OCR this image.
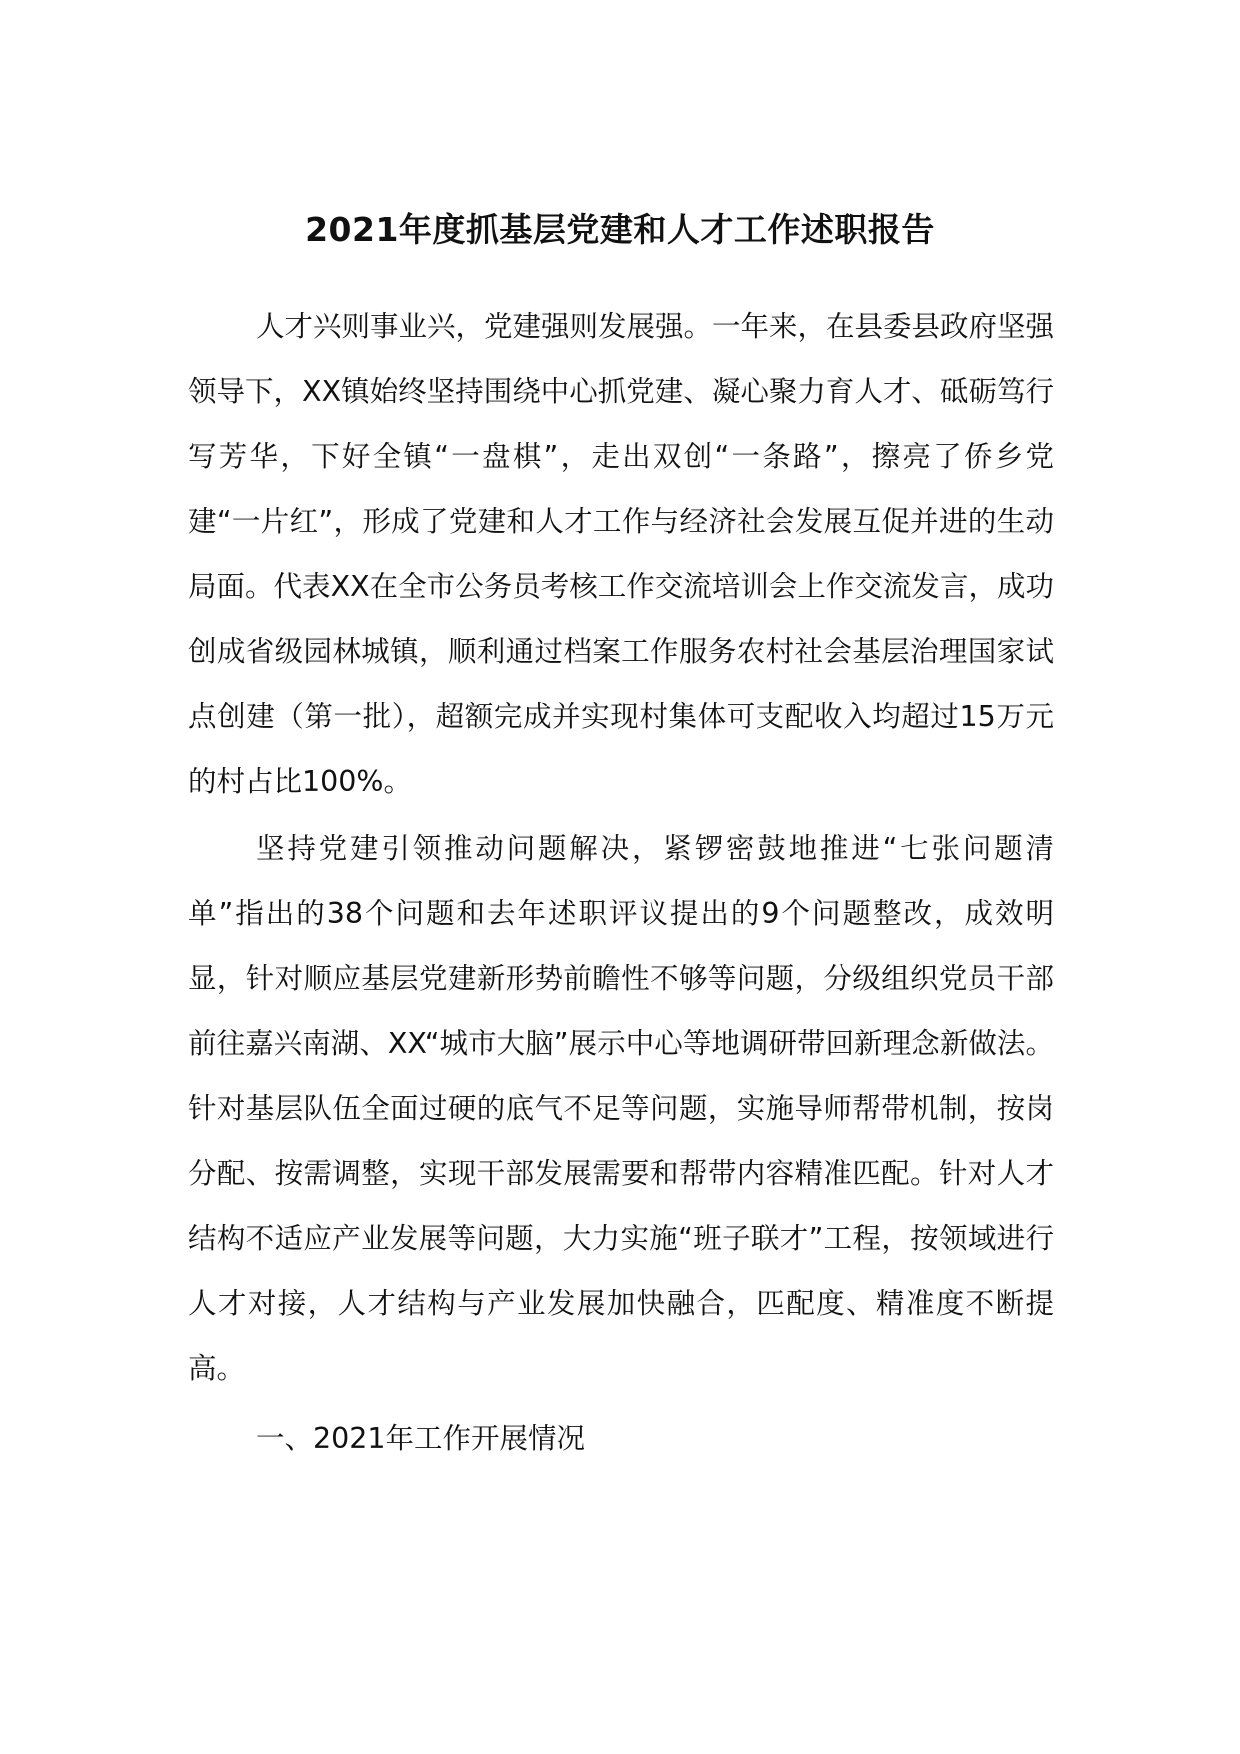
2021年度抓基层党建和人才工作述职报告

人才兴则事业兴，党建强则发展强。一年来，在县委县政府坚强领导下，XX镇始终坚持围绕中心抓党建、凝心聚力育人才、砥砺笃行写芳华，下好全镇“一盘棋”，走出双创“一条路”，擦亮了侨乡党建“一片红”，形成了党建和人才工作与经济社会发展互促并进的生动局面。代表XX在全市公务员考核工作交流培训会上作交流发言，成功创成省级园林城镇，顺利通过档案工作服务农村社会基层治理国家试点创建（第一批），超额完成并实现村集体可支配收入均超过15万元的村占比100%。

坚持党建引领推动问题解决，紧锣密鼓地推进“七张问题清单”指出的38个问题和去年述职评议提出的9个问题整改，成效明显，针对顺应基层党建新形势前瞻性不够等问题，分级组织党员干部前往嘉兴南湖、XX“城市大脑”展示中心等地调研带回新理念新做法。针对基层队伍全面过硬的底气不足等问题，实施导师帮带机制，按岗分配、按需调整，实现干部发展需要和帮带内容精准匹配。针对人才结构不适应产业发展等问题，大力实施“班子联才”工程，按领域进行人才对接，人才结构与产业发展加快融合，匹配度、精准度不断提高。

一、2021年工作开展情况
